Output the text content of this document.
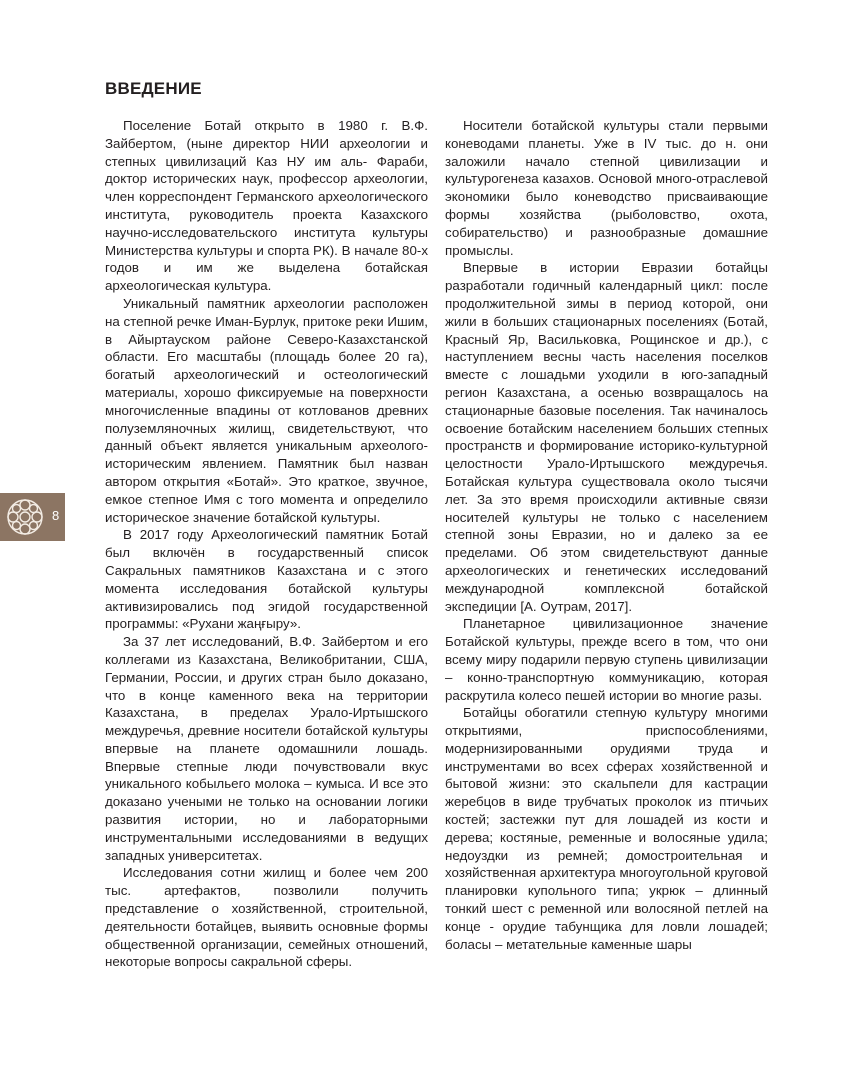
ВВЕДЕНИЕ

Поселение Ботай открыто в 1980 г. В.Ф. Зайбертом, (ныне директор НИИ археологии и степных цивилизаций Каз НУ им аль- Фараби, доктор исторических наук, профессор археологии, член корреспондент Германского археологического института, руководитель проекта Казахского научно-исследовательского института культуры Министерства культуры и спорта РК). В начале 80-х годов и им же выделена ботайская археологическая культура.

Уникальный памятник археологии расположен на степной речке Иман-Бурлук, притоке реки Ишим, в Айыртауском районе Северо-Казахстанской области. Его масштабы (площадь более 20 га), богатый археологический и остеологический материалы, хорошо фиксируемые на поверхности многочисленные впадины от котлованов древних полуземляночных жилищ, свидетельствуют, что данный объект является уникальным археолого-историческим явлением. Памятник был назван автором открытия «Ботай». Это краткое, звучное, емкое степное Имя с того момента и определило историческое значение ботайской культуры.

В 2017 году Археологический памятник Ботай был включён в государственный список Сакральных памятников Казахстана и с этого момента исследования ботайской культуры активизировались под эгидой государственной программы: «Рухани жаңғыру».

За 37 лет исследований, В.Ф. Зайбертом и его коллегами из Казахстана, Великобритании, США, Германии, России, и других стран было доказано, что в конце каменного века на территории Казахстана, в пределах Урало-Иртышского междуречья, древние носители ботайской культуры впервые на планете одомашнили лошадь. Впервые степные люди почувствовали вкус уникального кобыльего молока – кумыса. И все это доказано учеными не только на основании логики развития истории, но и лабораторными инструментальными исследованиями в ведущих западных университетах.

Исследования сотни жилищ и более чем 200 тыс. артефактов, позволили получить представление о хозяйственной, строительной, деятельности ботайцев, выявить основные формы общественной организации, семейных отношений, некоторые вопросы сакральной сферы.

Носители ботайской культуры стали первыми коневодами планеты. Уже в IV тыс. до н. они заложили начало степной цивилизации и культурогенеза казахов. Основой много-отраслевой экономики было коневодство присваивающие формы хозяйства (рыболовство, охота, собирательство) и разнообразные домашние промыслы.

Впервые в истории Евразии ботайцы разработали годичный календарный цикл: после продолжительной зимы в период которой, они жили в больших стационарных поселениях (Ботай, Красный Яр, Васильковка, Рощинское и др.), с наступлением весны часть населения поселков вместе с лошадьми уходили в юго-западный регион Казахстана, а осенью возвращалось на стационарные базовые поселения. Так начиналось освоение ботайским населением больших степных пространств и формирование историко-культурной целостности Урало-Иртышского междуречья. Ботайская культура существовала около тысячи лет. За это время происходили активные связи носителей культуры не только с населением степной зоны Евразии, но и далеко за ее пределами. Об этом свидетельствуют данные археологических и генетических исследований международной комплексной ботайской экспедиции [А. Оутрам, 2017].

Планетарное цивилизационное значение Ботайской культуры, прежде всего в том, что они всему миру подарили первую ступень цивилизации – конно-транспортную коммуникацию, которая раскрутила колесо пешей истории во многие разы.

Ботайцы обогатили степную культуру многими открытиями, приспособлениями, модернизированными орудиями труда и инструментами во всех сферах хозяйственной и бытовой жизни: это скальпели для кастрации жеребцов в виде трубчатых проколок из птичьих костей; застежки пут для лошадей из кости и дерева; костяные, ременные и волосяные удила; недоуздки из ремней; домостроительная и хозяйственная архитектура многоугольной круговой планировки купольного типа; укрюк – длинный тонкий шест с ременной или волосяной петлей на конце - орудие табунщика для ловли лошадей; боласы – метательные каменные шары

8
